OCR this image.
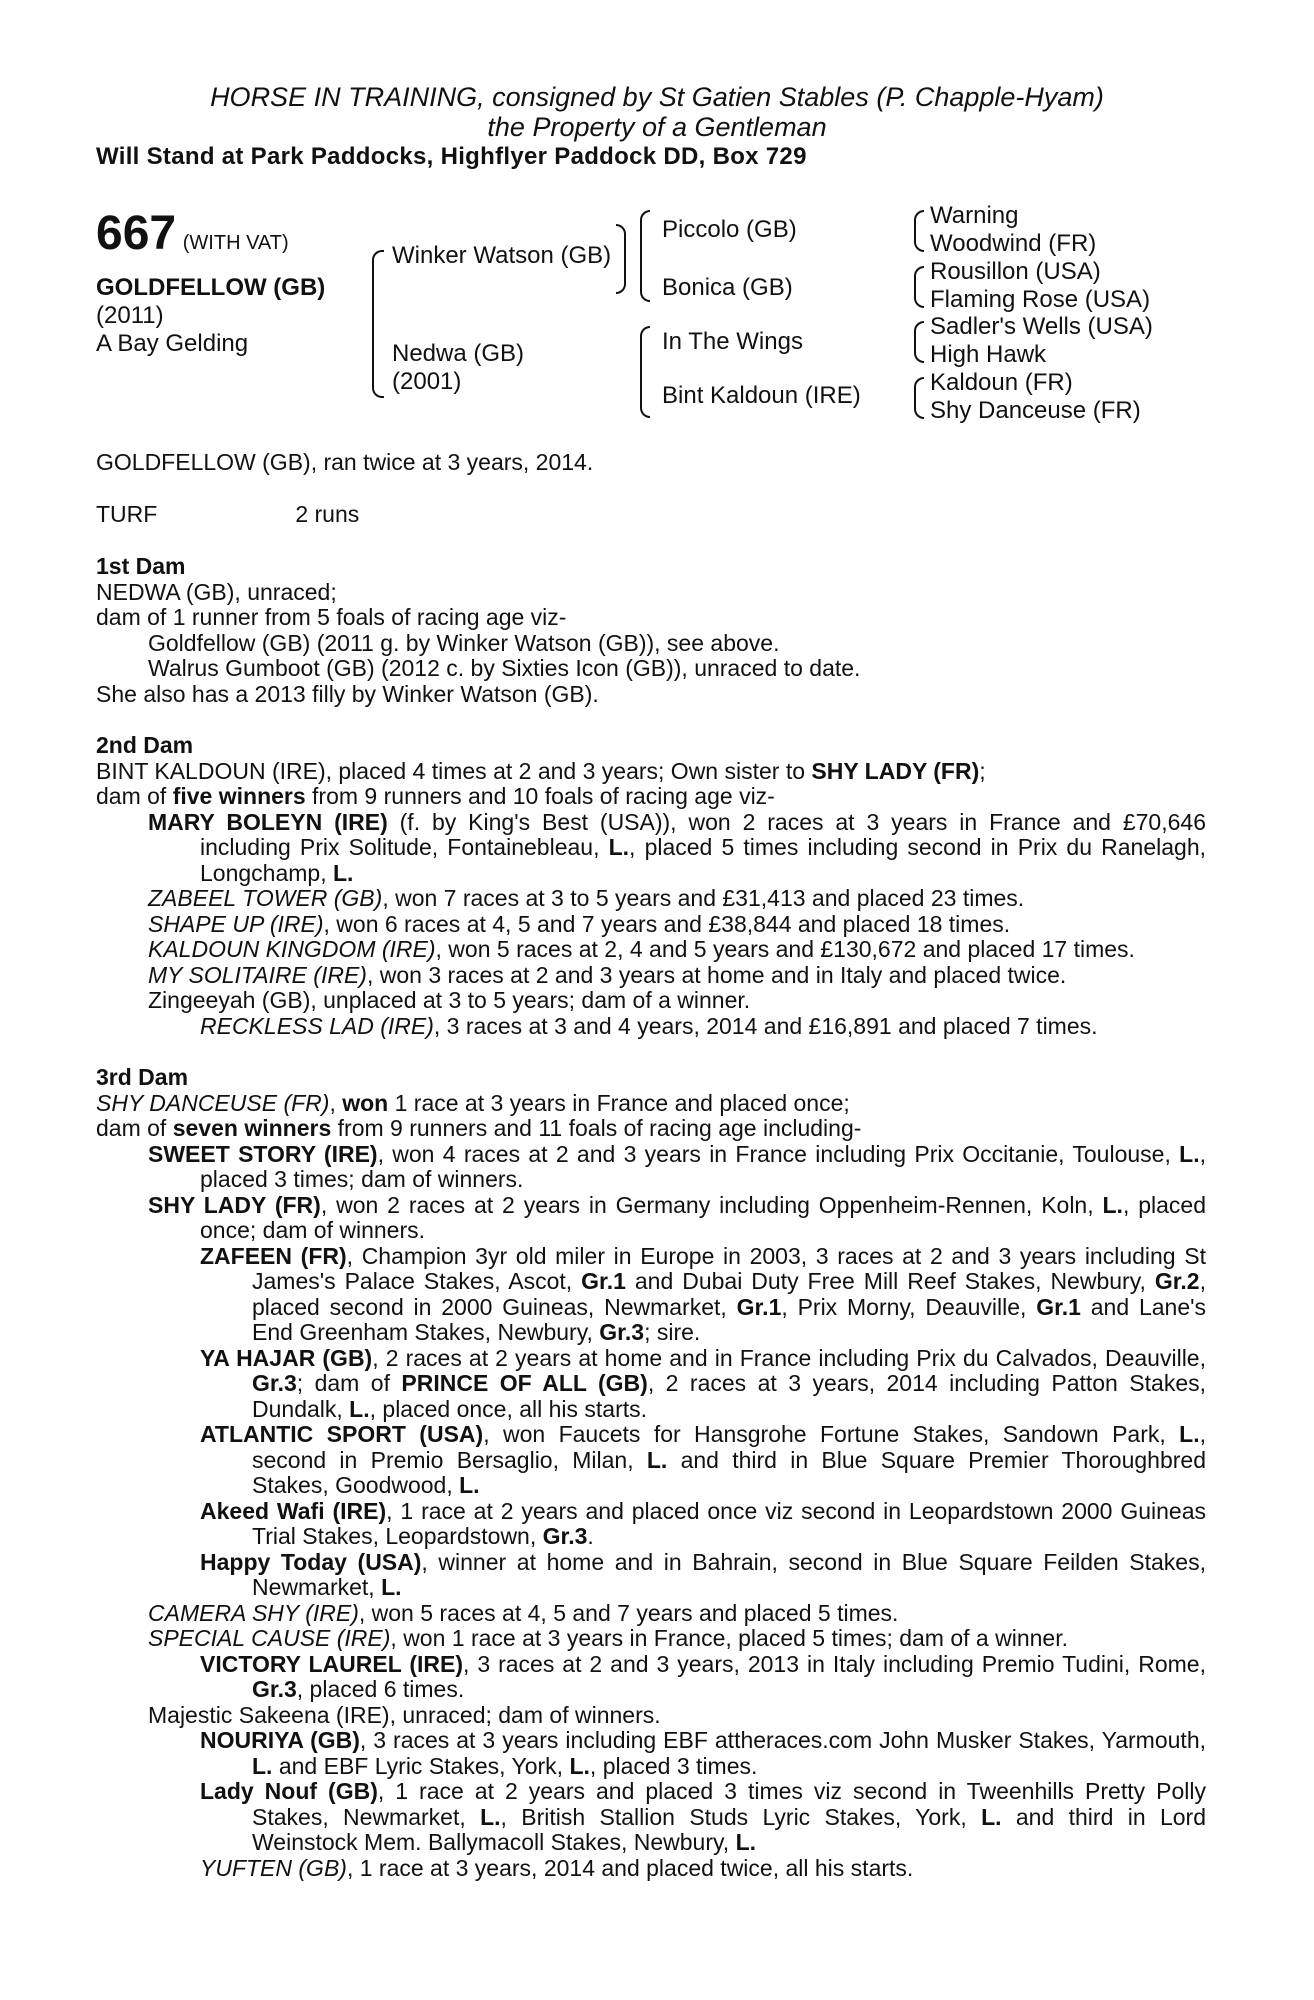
HORSE IN TRAINING, consigned by St Gatien Stables (P. Chapple-Hyam)
the Property of a Gentleman
Will Stand at Park Paddocks, Highflyer Paddock DD, Box 729
667 (WITH VAT)
GOLDFELLOW (GB)
(2011)
A Bay Gelding
Winker Watson (GB)
Nedwa (GB)
(2001)
Piccolo (GB)
Bonica (GB)
In The Wings
Bint Kaldoun (IRE)
Warning
Woodwind (FR)
Rousillon (USA)
Flaming Rose (USA)
Sadler's Wells (USA)
High Hawk
Kaldoun (FR)
Shy Danceuse (FR)

GOLDFELLOW (GB), ran twice at 3 years, 2014.

TURF	2 runs

1st Dam

NEDWA (GB), unraced;

dam of 1 runner from 5 foals of racing age viz-

Goldfellow (GB) (2011 g. by Winker Watson (GB)), see above.

Walrus Gumboot (GB) (2012 c. by Sixties Icon (GB)), unraced to date.

She also has a 2013 filly by Winker Watson (GB).

2nd Dam

BINT KALDOUN (IRE), placed 4 times at 2 and 3 years; Own sister to SHY LADY (FR);

dam of five winners from 9 runners and 10 foals of racing age viz-

MARY BOLEYN (IRE) (f. by King's Best (USA)), won 2 races at 3 years in France and £70,646 including Prix Solitude, Fontainebleau, L., placed 5 times including second in Prix du Ranelagh, Longchamp, L.

ZABEEL TOWER (GB), won 7 races at 3 to 5 years and £31,413 and placed 23 times.

SHAPE UP (IRE), won 6 races at 4, 5 and 7 years and £38,844 and placed 18 times.

KALDOUN KINGDOM (IRE), won 5 races at 2, 4 and 5 years and £130,672 and placed 17 times.

MY SOLITAIRE (IRE), won 3 races at 2 and 3 years at home and in Italy and placed twice.

Zingeeyah (GB), unplaced at 3 to 5 years; dam of a winner.

RECKLESS LAD (IRE), 3 races at 3 and 4 years, 2014 and £16,891 and placed 7 times.

3rd Dam

SHY DANCEUSE (FR), won 1 race at 3 years in France and placed once;

dam of seven winners from 9 runners and 11 foals of racing age including-

SWEET STORY (IRE), won 4 races at 2 and 3 years in France including Prix Occitanie, Toulouse, L., placed 3 times; dam of winners.

SHY LADY (FR), won 2 races at 2 years in Germany including Oppenheim-Rennen, Koln, L., placed once; dam of winners.

ZAFEEN (FR), Champion 3yr old miler in Europe in 2003, 3 races at 2 and 3 years including St James's Palace Stakes, Ascot, Gr.1 and Dubai Duty Free Mill Reef Stakes, Newbury, Gr.2, placed second in 2000 Guineas, Newmarket, Gr.1, Prix Morny, Deauville, Gr.1 and Lane's End Greenham Stakes, Newbury, Gr.3; sire.

YA HAJAR (GB), 2 races at 2 years at home and in France including Prix du Calvados, Deauville, Gr.3; dam of PRINCE OF ALL (GB), 2 races at 3 years, 2014 including Patton Stakes, Dundalk, L., placed once, all his starts.

ATLANTIC SPORT (USA), won Faucets for Hansgrohe Fortune Stakes, Sandown Park, L., second in Premio Bersaglio, Milan, L. and third in Blue Square Premier Thoroughbred Stakes, Goodwood, L.

Akeed Wafi (IRE), 1 race at 2 years and placed once viz second in Leopardstown 2000 Guineas Trial Stakes, Leopardstown, Gr.3.

Happy Today (USA), winner at home and in Bahrain, second in Blue Square Feilden Stakes, Newmarket, L.

CAMERA SHY (IRE), won 5 races at 4, 5 and 7 years and placed 5 times.

SPECIAL CAUSE (IRE), won 1 race at 3 years in France, placed 5 times; dam of a winner.

VICTORY LAUREL (IRE), 3 races at 2 and 3 years, 2013 in Italy including Premio Tudini, Rome, Gr.3, placed 6 times.

Majestic Sakeena (IRE), unraced; dam of winners.

NOURIYA (GB), 3 races at 3 years including EBF attheraces.com John Musker Stakes, Yarmouth, L. and EBF Lyric Stakes, York, L., placed 3 times.

Lady Nouf (GB), 1 race at 2 years and placed 3 times viz second in Tweenhills Pretty Polly Stakes, Newmarket, L., British Stallion Studs Lyric Stakes, York, L. and third in Lord Weinstock Mem. Ballymacoll Stakes, Newbury, L.

YUFTEN (GB), 1 race at 3 years, 2014 and placed twice, all his starts.
